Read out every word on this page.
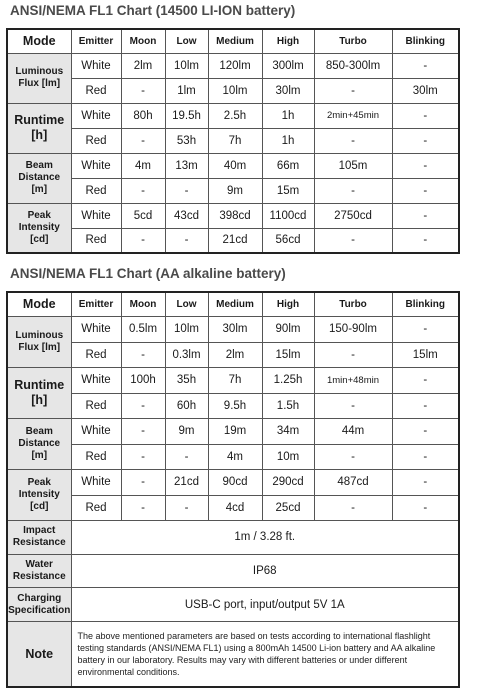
ANSI/NEMA FL1 Chart (14500 LI-ION battery)
Mode	Emitter	Moon	Low	Medium	High	Turbo	Blinking

Luminous
Flux [lm]	White	2lm	10lm	120lm	300lm	850-300lm	-
	Red	-	1lm	10lm	30lm	-	30lm

Runtime
[h]	White	80h	19.5h	2.5h	1h	2min+45min	-
	Red	-	53h	7h	1h	-	-

Beam
Distance
[m]	White	4m	13m	40m	66m	105m	-
	Red	-	-	9m	15m	-	-

Peak
Intensity
[cd]	White	5cd	43cd	398cd	1100cd	2750cd	-
	Red	-	-	21cd	56cd	-	-
ANSI/NEMA FL1 Chart (AA alkaline battery)
Mode	Emitter	Moon	Low	Medium	High	Turbo	Blinking

Luminous
Flux [lm]	White	0.5lm	10lm	30lm	90lm	150-90lm	-
	Red	-	0.3lm	2lm	15lm	-	15lm

Runtime
[h]	White	100h	35h	7h	1.25h	1min+48min	-
	Red	-	60h	9.5h	1.5h	-	-

Beam
Distance
[m]	White	-	9m	19m	34m	44m	-
	Red	-	-	4m	10m	-	-

Peak
Intensity
[cd]	White	-	21cd	90cd	290cd	487cd	-
	Red	-	-	4cd	25cd	-	-

Impact
Resistance	1m / 3.28 ft.						

Water
Resistance	IP68						

Charging
Specification	USB-C port, input/output 5V 1A						
Note	The above mentioned parameters are based on tests according to international flashlight testing standards (ANSI/NEMA FL1) using a 800mAh 14500 Li-ion battery and AA alkaline battery in our laboratory. Results may vary with different batteries or under different environmental conditions.						
